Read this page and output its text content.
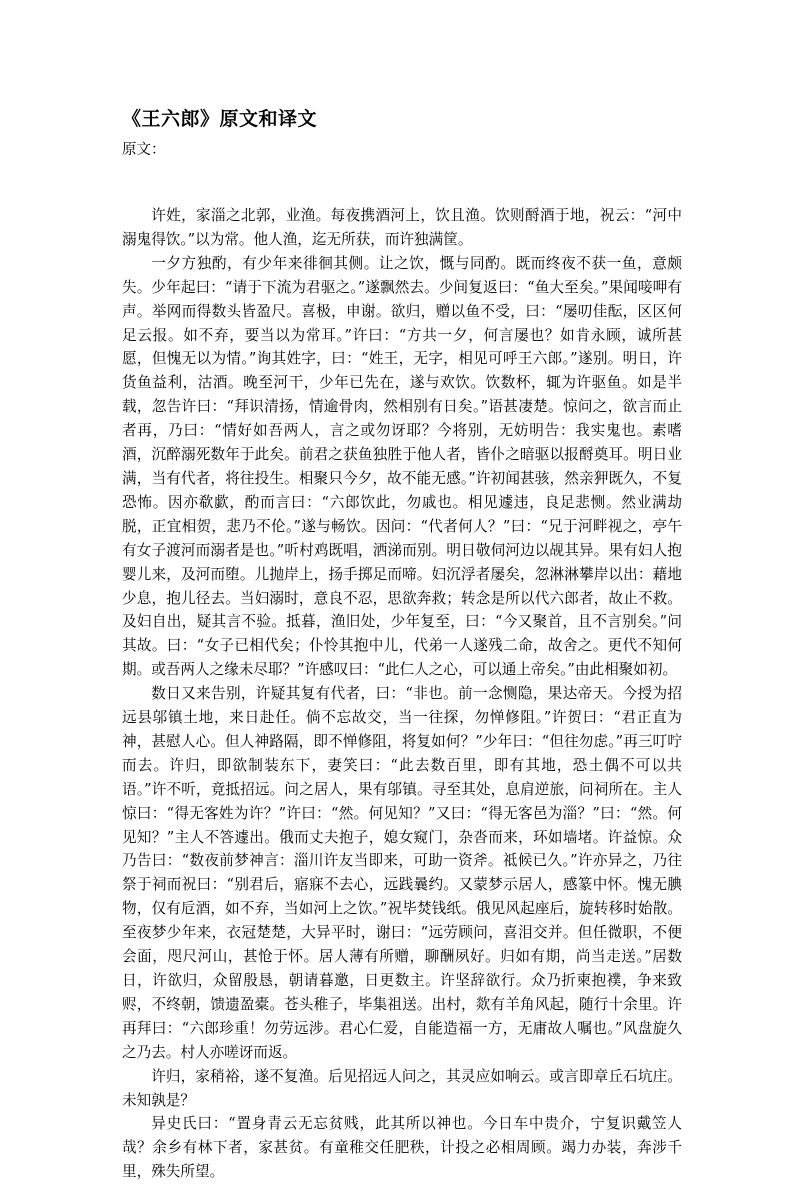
《王六郎》原文和译文
原文：

许姓，家淄之北郭，业渔。每夜携酒河上，饮且渔。饮则酹酒于地，祝云：“河中溺鬼得饮。”以为常。他人渔，迄无所获，而许独满筐。

一夕方独酌，有少年来徘徊其侧。让之饮，慨与同酌。既而终夜不获一鱼，意颇失。少年起曰：“请于下流为君驱之。”遂飘然去。少间复返曰：“鱼大至矣。”果闻唼呷有声。举网而得数头皆盈尺。喜极，申谢。欲归，赠以鱼不受，曰：“屡叨佳酝，区区何足云报。如不弃，要当以为常耳。”许曰：“方共一夕，何言屡也？如肯永顾，诚所甚愿，但愧无以为情。”询其姓字，曰：“姓王，无字，相见可呼王六郎。”遂别。明日，许货鱼益利，沽酒。晚至河干，少年已先在，遂与欢饮。饮数杯，辄为许驱鱼。如是半载，忽告许曰：“拜识清扬，情逾骨肉，然相别有日矣。”语甚凄楚。惊问之，欲言而止者再，乃曰：“情好如吾两人，言之或勿讶耶？今将别，无妨明告：我实鬼也。素嗜酒，沉醉溺死数年于此矣。前君之获鱼独胜于他人者，皆仆之暗驱以报酹奠耳。明日业满，当有代者，将往投生。相聚只今夕，故不能无感。”许初闻甚骇，然亲狎既久，不复恐怖。因亦欷歔，酌而言曰：“六郎饮此，勿戚也。相见遽违，良足悲恻。然业满劫脱，正宜相贺，悲乃不伦。”遂与畅饮。因问：“代者何人？”曰：“兄于河畔视之，亭午有女子渡河而溺者是也。”听村鸡既唱，洒涕而别。明日敬伺河边以觇其异。果有妇人抱婴儿来，及河而堕。儿抛岸上，扬手掷足而啼。妇沉浮者屡矣，忽淋淋攀岸以出：藉地少息，抱儿径去。当妇溺时，意良不忍，思欲奔救；转念是所以代六郎者，故止不救。及妇自出，疑其言不验。抵暮，渔旧处，少年复至，曰：“今又聚首，且不言别矣。”问其故。曰：“女子已相代矣；仆怜其抱中儿，代弟一人遂残二命，故舍之。更代不知何期。或吾两人之缘未尽耶？”许感叹曰：“此仁人之心，可以通上帝矣。”由此相聚如初。

数日又来告别，许疑其复有代者，曰：“非也。前一念恻隐，果达帝天。今授为招远县邬镇土地，来日赴任。倘不忘故交，当一往探，勿惮修阻。”许贺曰：“君正直为神，甚慰人心。但人神路隔，即不惮修阻，将复如何？”少年曰：“但往勿虑。”再三叮咛而去。许归，即欲制装东下，妻笑曰：“此去数百里，即有其地，恐土偶不可以共语。”许不听，竟抵招远。问之居人，果有邬镇。寻至其处，息肩逆旅，问祠所在。主人惊曰：“得无客姓为许？”许曰：“然。何见知？”又曰：“得无客邑为淄？”曰：“然。何见知？”主人不答遽出。俄而丈夫抱子，媳女窥门，杂沓而来，环如墙堵。许益惊。众乃告曰：“数夜前梦神言：淄川许友当即来，可助一资斧。祗候已久。”许亦异之，乃往祭于祠而祝曰：“别君后，寤寐不去心，远践曩约。又蒙梦示居人，感篆中怀。愧无腆物，仅有卮酒，如不弃，当如河上之饮。”祝毕焚钱纸。俄见风起座后，旋转移时始散。至夜梦少年来，衣冠楚楚，大异平时，谢曰：“远劳顾问，喜泪交并。但任微职，不便会面，咫尺河山，甚怆于怀。居人薄有所赠，聊酬夙好。归如有期，尚当走送。”居数日，许欲归，众留殷恳，朝请暮邀，日更数主。许坚辞欲行。众乃折柬抱襆，争来致赆，不终朝，馈遗盈橐。苍头稚子，毕集祖送。出村，欻有羊角风起，随行十余里。许再拜曰：“六郎珍重！勿劳远涉。君心仁爱，自能造福一方，无庸故人嘱也。”风盘旋久之乃去。村人亦嗟讶而返。

许归，家稍裕，遂不复渔。后见招远人问之，其灵应如响云。或言即章丘石坑庄。未知孰是？

异史氏曰：“置身青云无忘贫贱，此其所以神也。今日车中贵介，宁复识戴笠人哉？余乡有林下者，家甚贫。有童稚交任肥秩，计投之必相周顾。竭力办装，奔涉千里，殊失所望。
